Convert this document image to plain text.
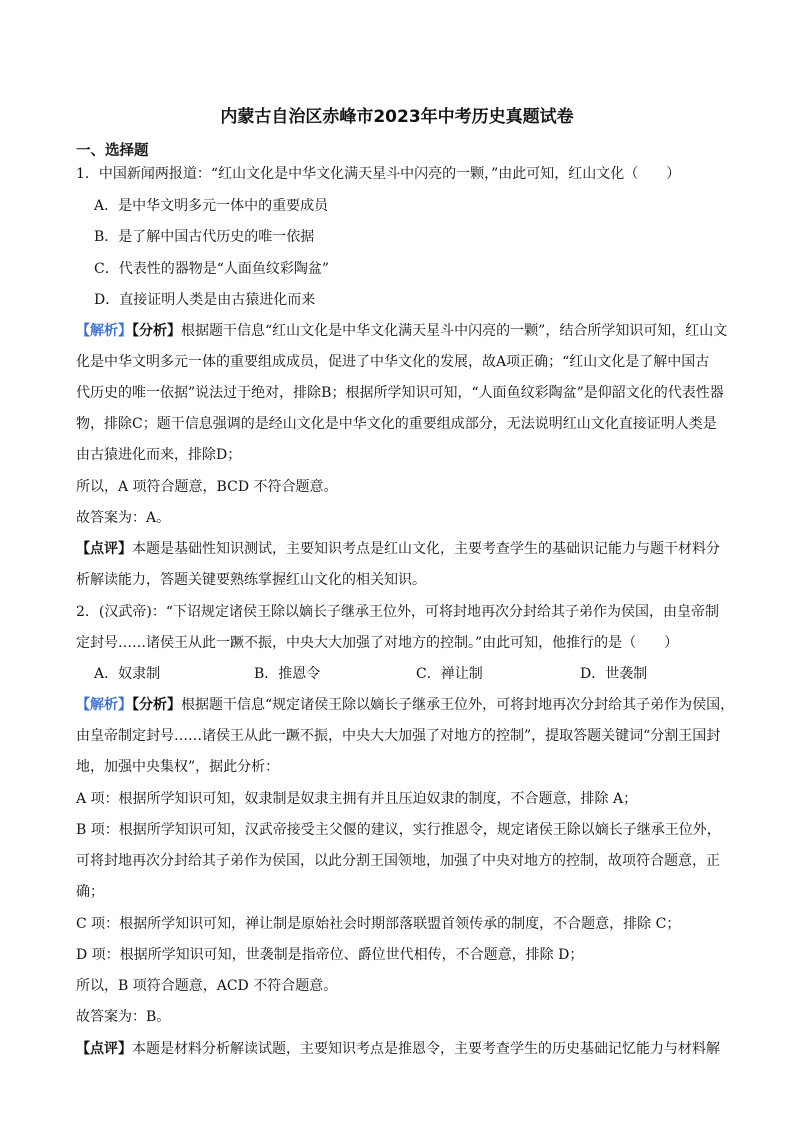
内蒙古自治区赤峰市2023年中考历史真题试卷
一、选择题
1．中国新闻两报道：“红山文化是中华文化满天星斗中闪亮的一颗，”由此可知，红山文化（　　）
A．是中华文明多元一体中的重要成员
B．是了解中国古代历史的唯一依据
C．代表性的器物是“人面鱼纹彩陶盆”
D．直接证明人类是由古猿进化而来
【解析】【分析】根据题干信息“红山文化是中华文化满天星斗中闪亮的一颗”，结合所学知识可知，红山文
化是中华文明多元一体的重要组成成员，促进了中华文化的发展，故A项正确；“红山文化是了解中国古
代历史的唯一依据”说法过于绝对，排除B；根据所学知识可知，“人面鱼纹彩陶盆”是仰韶文化的代表性器
物，排除C；题干信息强调的是经山文化是中华文化的重要组成部分，无法说明红山文化直接证明人类是
由古猿进化而来，排除D；
所以，A 项符合题意，BCD 不符合题意。
故答案为：A。
【点评】本题是基础性知识测试，主要知识考点是红山文化，主要考查学生的基础识记能力与题干材料分
析解读能力，答题关键要熟练掌握红山文化的相关知识。
2．(汉武帝)：“下诏规定诸侯王除以嫡长子继承王位外，可将封地再次分封给其子弟作为侯国，由皇帝制
定封号……诸侯王从此一蹶不振，中央大大加强了对地方的控制。”由此可知，他推行的是（　　）
A．奴隶制	B．推恩令	C．禅让制	D．世袭制
【解析】【分析】根据题干信息“规定诸侯王除以嫡长子继承王位外，可将封地再次分封给其子弟作为侯国，
由皇帝制定封号……诸侯王从此一蹶不振，中央大大加强了对地方的控制”，提取答题关键词“分割王国封
地，加强中央集权”，据此分析：
A 项：根据所学知识可知，奴隶制是奴隶主拥有并且压迫奴隶的制度，不合题意，排除 A；
B 项：根据所学知识可知，汉武帝接受主父偃的建议，实行推恩令，规定诸侯王除以嫡长子继承王位外，
可将封地再次分封给其子弟作为侯国，以此分割王国领地，加强了中央对地方的控制，故项符合题意，正
确；
C 项：根据所学知识可知，禅让制是原始社会时期部落联盟首领传承的制度，不合题意，排除 C；
D 项：根据所学知识可知，世袭制是指帝位、爵位世代相传，不合题意，排除 D；
所以，B 项符合题意，ACD 不符合题意。
故答案为：B。
【点评】本题是材料分析解读试题，主要知识考点是推恩令，主要考查学生的历史基础记忆能力与材料解
